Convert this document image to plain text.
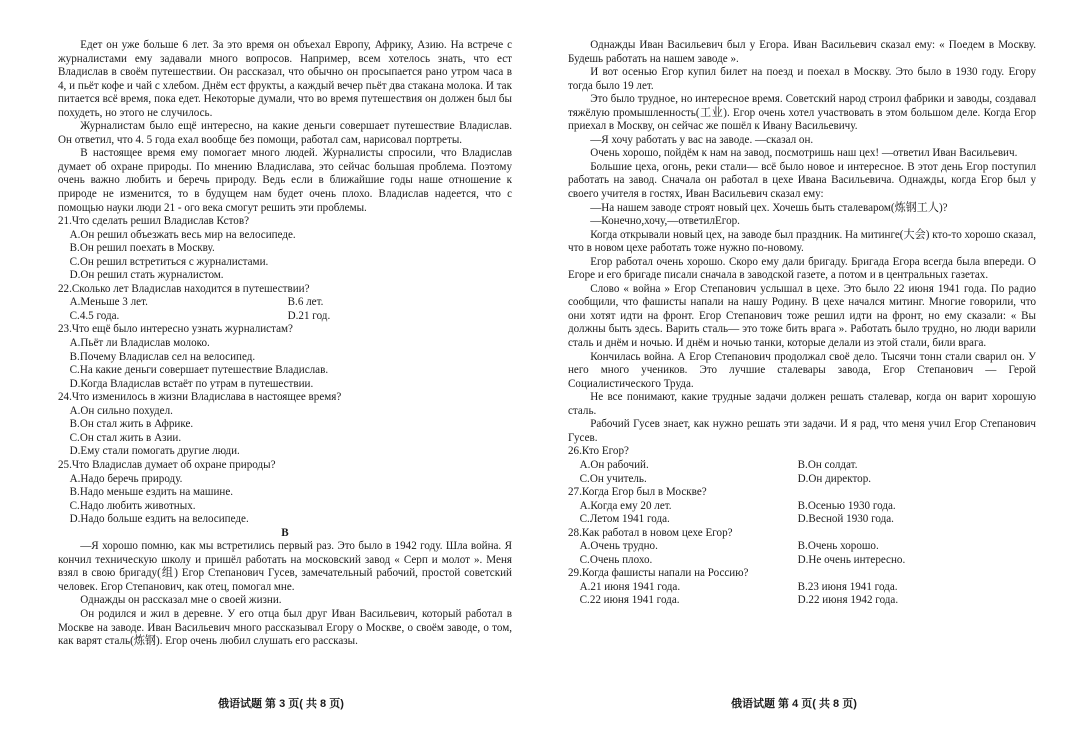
Едет он уже больше 6 лет. За это время он объехал Европу, Африку, Азию. На встрече с журналистами ему задавали много вопросов. Например, всем хотелось знать, что ест Владислав в своём путешествии. Он рассказал, что обычно он просыпается рано утром часа в 4, и пьёт кофе и чай с хлебом. Днём ест фрукты, а каждый вечер пьёт два стакана молока. И так питается всё время, пока едет. Некоторые думали, что во время путешествия он должен был бы похудеть, но этого не случилось.

Журналистам было ещё интересно, на какие деньги совершает путешествие Владислав. Он ответил, что 4. 5 года ехал вообще без помощи, работал сам, нарисовал портреты.

В настоящее время ему помогает много людей. Журналисты спросили, что Владислав думает об охране природы. По мнению Владислава, это сейчас большая проблема. Поэтому очень важно любить и беречь природу. Ведь если в ближайшие годы наше отношение к природе не изменится, то в будущем нам будет очень плохо. Владислав надеется, что с помощью науки люди 21 - ого века смогут решить эти проблемы.

21.Что сделать решил Владислав Кстов?

A.Он решил объезжать весь мир на велосипеде.

B.Он решил поехать в Москву.

C.Он решил встретиться с журналистами.

D.Он решил стать журналистом.

22.Сколько лет Владислав находится в путешествии?

A.Меньше 3 лет.	B.6 лет.
C.4.5 года.	D.21 год.

23.Что ещё было интересно узнать журналистам?

A.Пьёт ли Владислав молоко.

B.Почему Владислав сел на велосипед.

C.На какие деньги совершает путешествие Владислав.

D.Когда Владислав встаёт по утрам в путешествии.

24.Что изменилось в жизни Владислава в настоящее время?

A.Он сильно похудел.

B.Он стал жить в Африке.

C.Он стал жить в Азии.

D.Ему стали помогать другие люди.

25.Что Владислав думает об охране природы?

A.Надо беречь природу.

B.Надо меньше ездить на машине.

C.Надо любить животных.

D.Надо больше ездить на велосипеде.

B

—Я хорошо помню, как мы встретились первый раз. Это было в 1942 году. Шла война. Я кончил техническую школу и пришёл работать на московский завод « Серп и молот ». Меня взял в свою бригаду(组) Егор Степанович Гусев, замечательный рабочий, простой советский человек. Егор Степанович, как отец, помогал мне.

Однажды он рассказал мне о своей жизни.

Он родился и жил в деревне. У его отца был друг Иван Васильевич, который работал в Москве на заводе. Иван Васильевич много рассказывал Егору о Москве, о своём заводе, о том, как варят сталь(炼钢). Егор очень любил слушать его рассказы.

Однажды Иван Васильевич был у Егора. Иван Васильевич сказал ему: « Поедем в Москву. Будешь работать на нашем заводе ».

И вот осенью Егор купил билет на поезд и поехал в Москву. Это было в 1930 году. Егору тогда было 19 лет.

Это было трудное, но интересное время. Советский народ строил фабрики и заводы, создавал тяжёлую промышленность(工业). Егор очень хотел участвовать в этом большом деле. Когда Егор приехал в Москву, он сейчас же пошёл к Ивану Васильевичу.

—Я хочу работать у вас на заводе. —сказал он.

Очень хорошо, пойдём к нам на завод, посмотришь наш цех! —ответил Иван Васильевич.

Большие цеха, огонь, реки стали— всё было новое и интересное. В этот день Егор поступил работать на завод. Сначала он работал в цехе Ивана Васильевича. Однажды, когда Егор был у своего учителя в гостях, Иван Васильевич сказал ему:

—На нашем заводе строят новый цех. Хочешь быть сталеваром(炼钢工人)?

—Конечно,хочу,—ответилЕгор.

Когда открывали новый цех, на заводе был праздник. На митинге(大会) кто-то хорошо сказал, что в новом цехе работать тоже нужно по-новому.

Егор работал очень хорошо. Скоро ему дали бригаду. Бригада Егора всегда была впереди. О Егоре и его бригаде писали сначала в заводской газете, а потом и в центральных газетах.

Слово « война » Егор Степанович услышал в цехе. Это было 22 июня 1941 года. По радио сообщили, что фашисты напали на нашу Родину. В цехе начался митинг. Многие говорили, что они хотят идти на фронт. Егор Степанович тоже решил идти на фронт, но ему сказали: « Вы должны быть здесь. Варить сталь— это тоже бить врага ». Работать было трудно, но люди варили сталь и днём и ночью. И днём и ночью танки, которые делали из этой стали, били врага.

Кончилась война. А Егор Степанович продолжал своё дело. Тысячи тонн стали сварил он. У него много учеников. Это лучшие сталевары завода, Егор Степанович — Герой Социалистического Труда.

Не все понимают, какие трудные задачи должен решать сталевар, когда он варит хорошую сталь.

Рабочий Гусев знает, как нужно решать эти задачи. И я рад, что меня учил Егор Степанович Гусев.

26.Кто Егор?

A.Он рабочий.	B.Он солдат.
C.Он учитель.	D.Он директор.

27.Когда Егор был в Москве?

A.Когда ему 20 лет.	B.Осенью 1930 года.
C.Летом 1941 года.	D.Весной 1930 года.

28.Как работал в новом цехе Егор?

A.Очень трудно.	B.Очень хорошо.
C.Очень плохо.	D.Не очень интересно.

29.Когда фашисты напали на Россию?

A.21 июня 1941 года.	B.23 июня 1941 года.
C.22 июня 1941 года.	D.22 июня 1942 года.
俄语试题 第 3 页( 共 8 页)	俄语试题 第 4 页( 共 8 页)
